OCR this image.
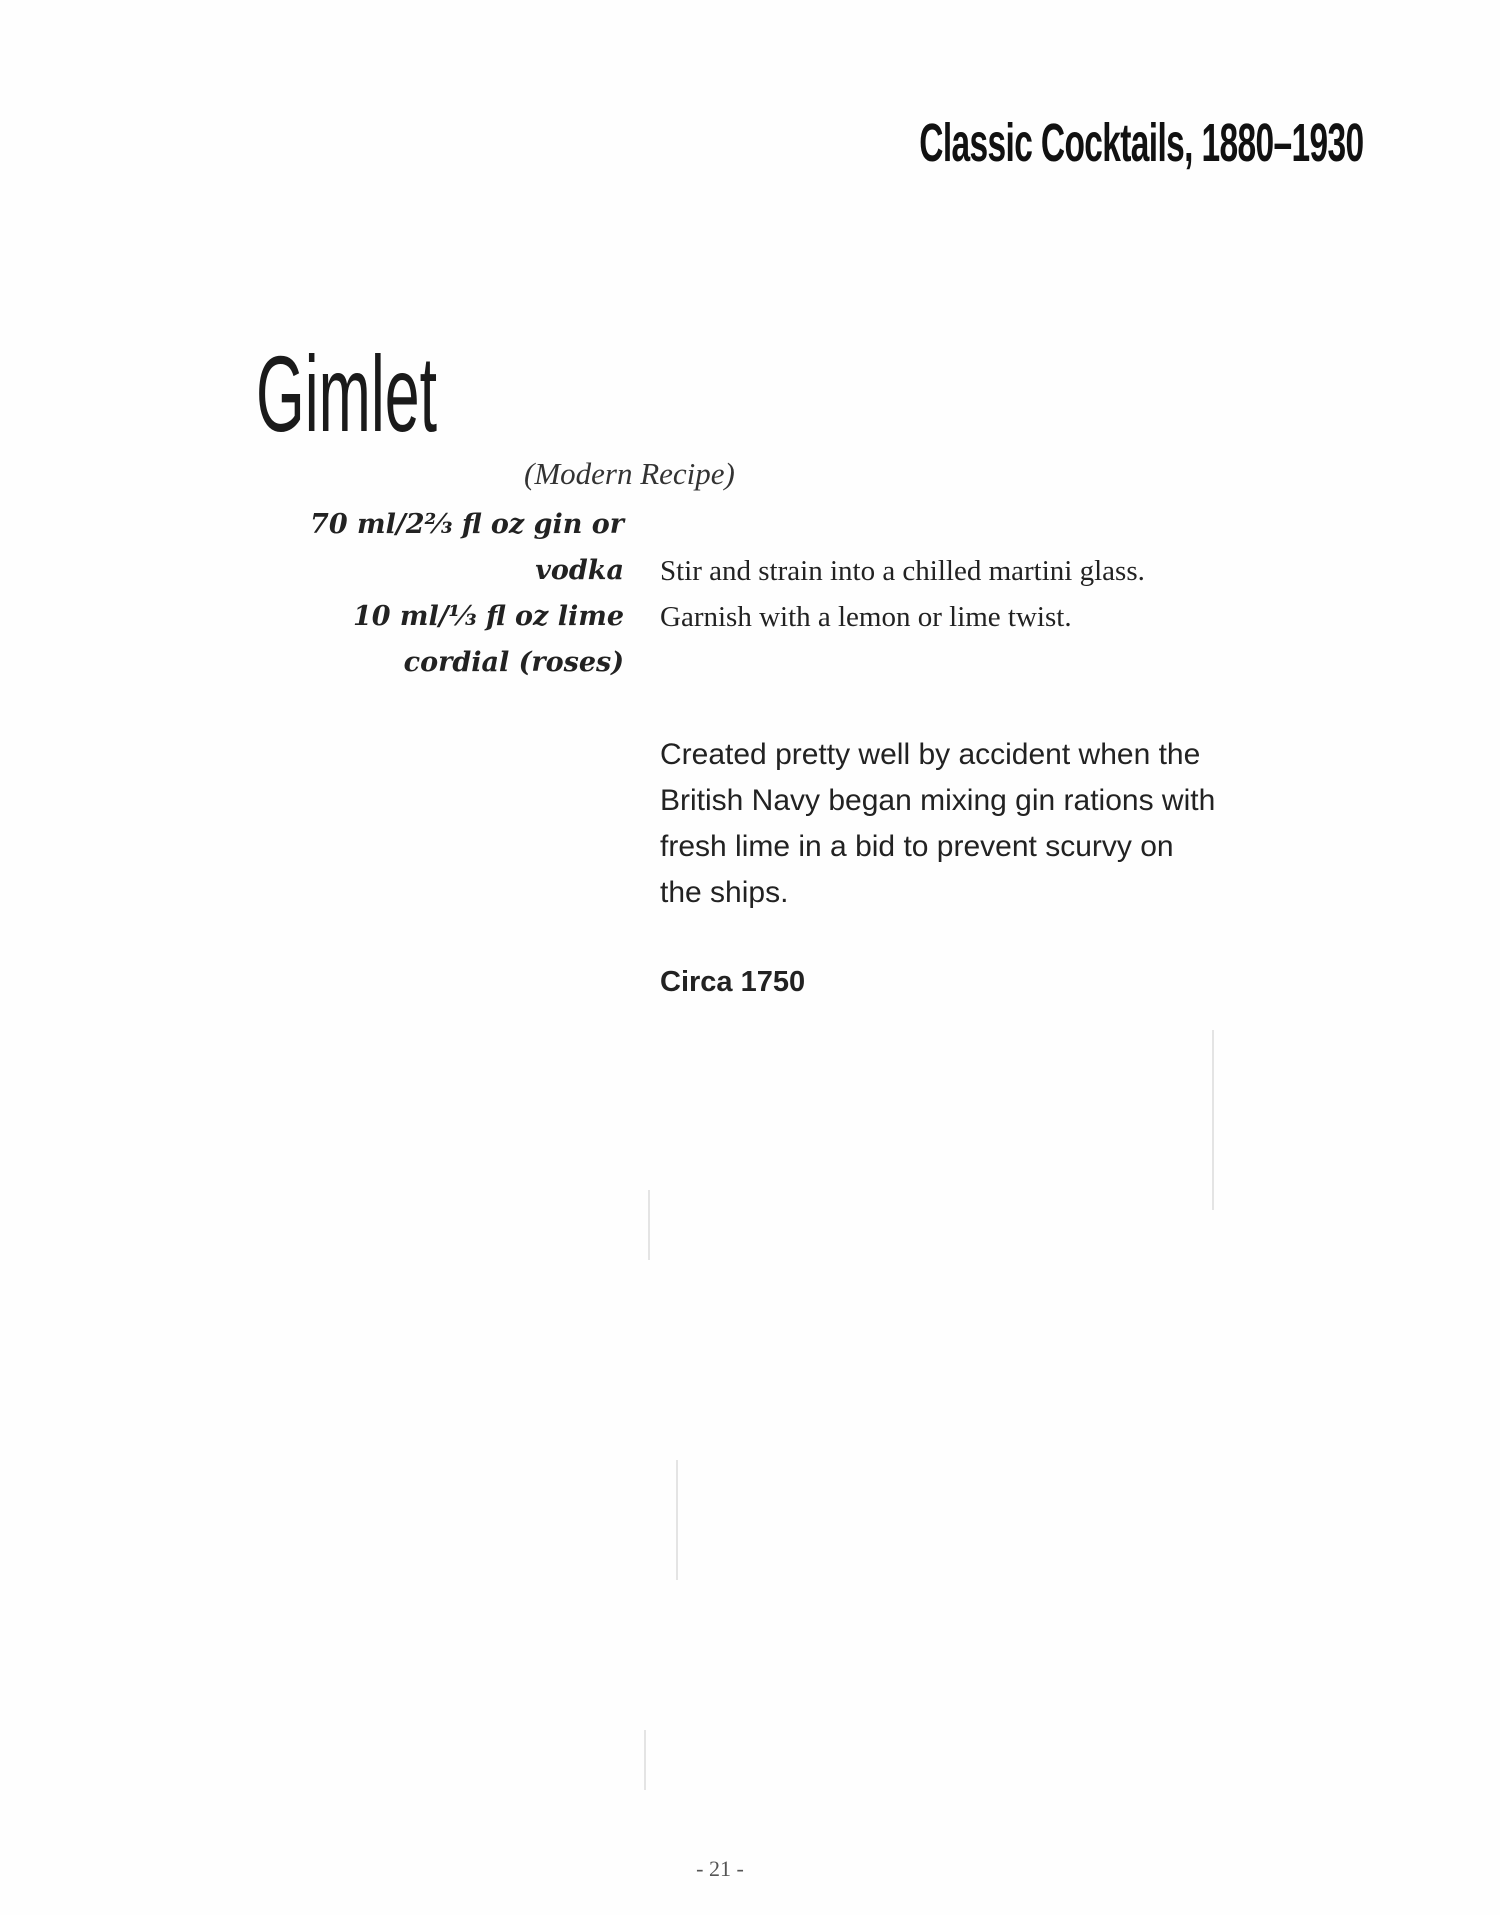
Classic Cocktails, 1880–1930
Gimlet
(Modern Recipe)
70 ml/2⅔ fl oz gin or
vodka
10 ml/⅓ fl oz lime
cordial (roses)
Stir and strain into a chilled martini glass. Garnish with a lemon or lime twist.
Created pretty well by accident when the British Navy began mixing gin rations with fresh lime in a bid to prevent scurvy on the ships.
Circa 1750
- 21 -
